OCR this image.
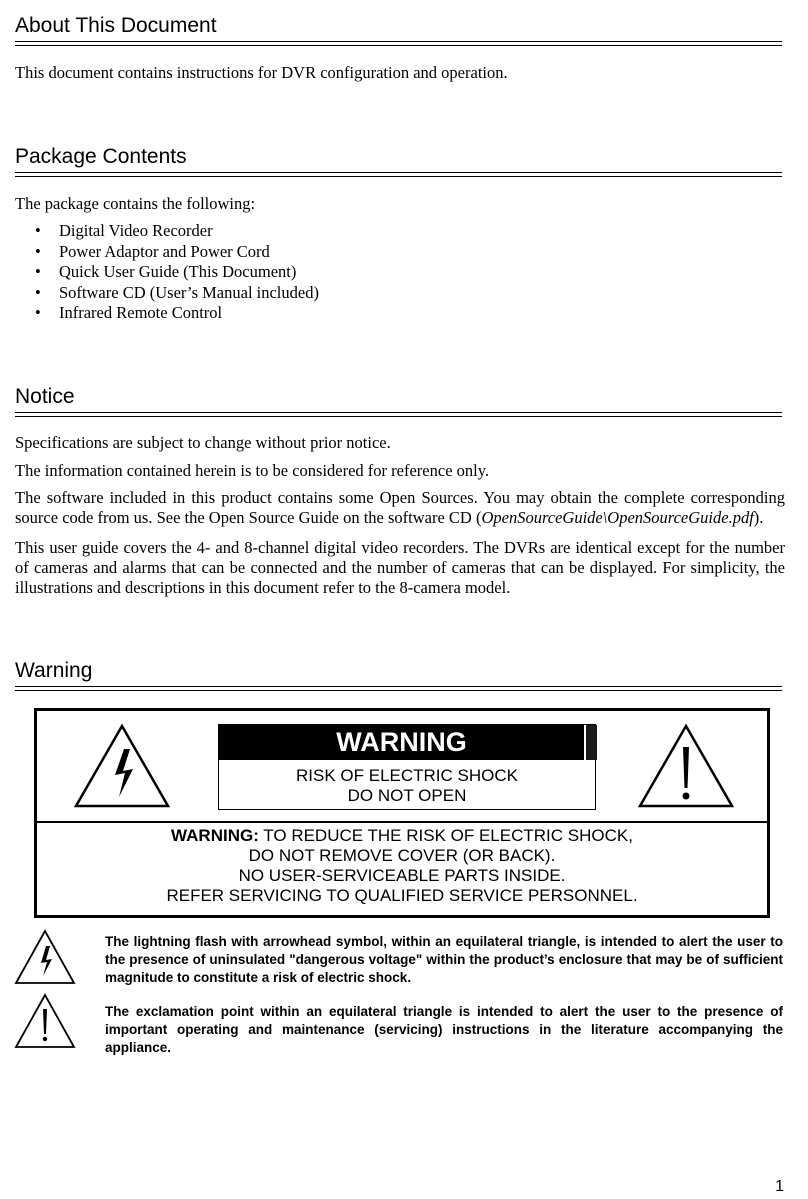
About This Document

This document contains instructions for DVR configuration and operation.

Package Contents

The package contains the following:

• Digital Video Recorder
• Power Adaptor and Power Cord
• Quick User Guide (This Document)
• Software CD (User’s Manual included)
• Infrared Remote Control
Notice

Specifications are subject to change without prior notice.

The information contained herein is to be considered for reference only.

The software included in this product contains some Open Sources. You may obtain the complete corresponding source code from us. See the Open Source Guide on the software CD (OpenSourceGuide\OpenSourceGuide.pdf).

This user guide covers the 4- and 8-channel digital video recorders. The DVRs are identical except for the number of cameras and alarms that can be connected and the number of cameras that can be displayed. For simplicity, the illustrations and descriptions in this document refer to the 8-camera model.

Warning
WARNING
RISK OF ELECTRIC SHOCK
DO NOT OPEN
WARNING: TO REDUCE THE RISK OF ELECTRIC SHOCK,
DO NOT REMOVE COVER (OR BACK).
NO USER-SERVICEABLE PARTS INSIDE.
REFER SERVICING TO QUALIFIED SERVICE PERSONNEL.

The lightning flash with arrowhead symbol, within an equilateral triangle, is intended to alert the user to the presence of uninsulated "dangerous voltage" within the product’s enclosure that may be of sufficient magnitude to constitute a risk of electric shock.

The exclamation point within an equilateral triangle is intended to alert the user to the presence of important operating and maintenance (servicing) instructions in the literature accompanying the appliance.

1
